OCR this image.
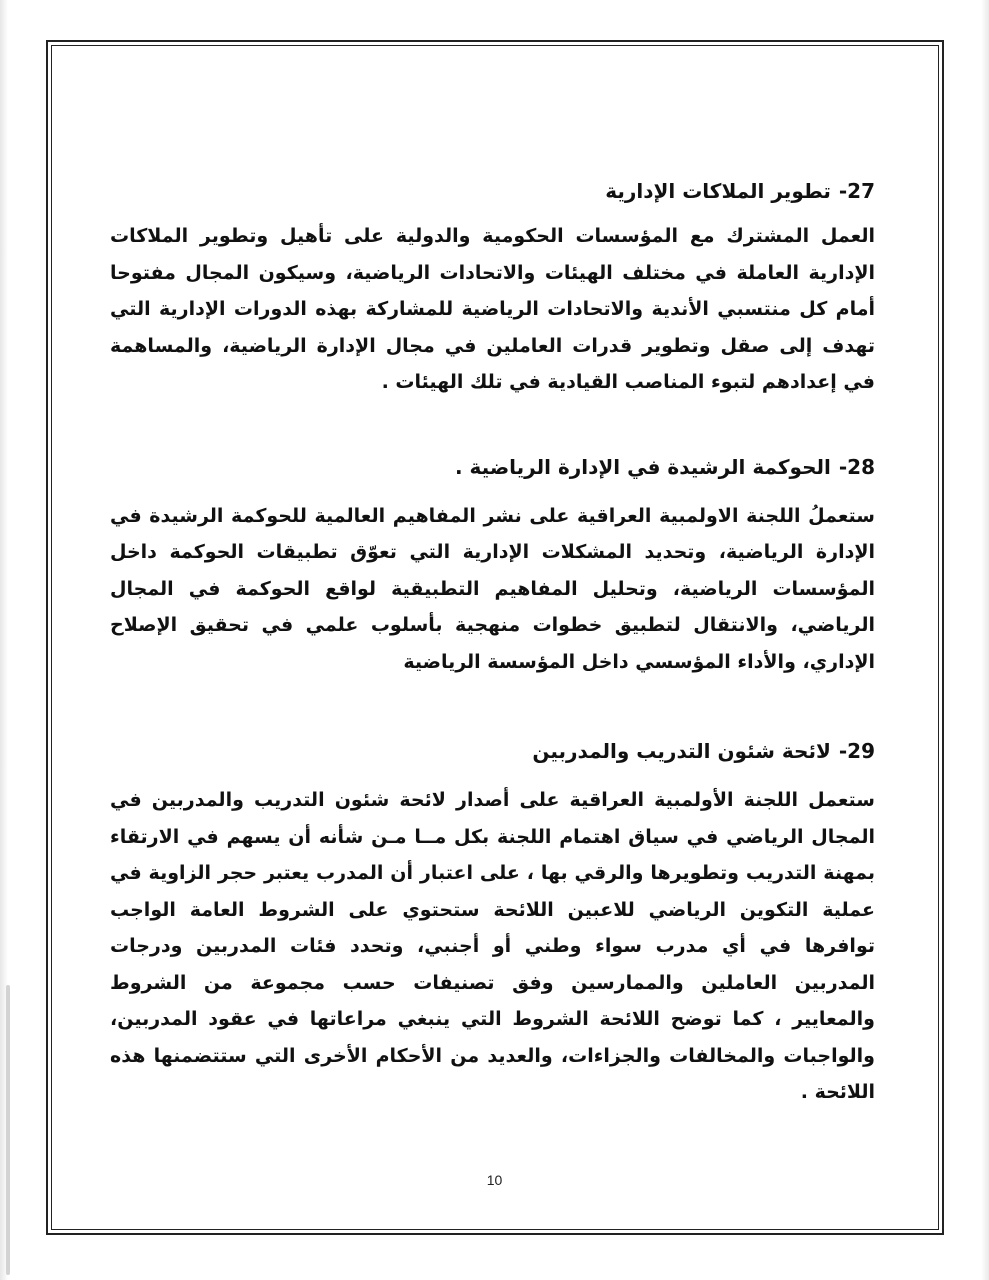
27-تطوير الملاكات الإدارية

العمل المشترك مع المؤسسات الحكومية والدولية على تأهيل وتطوير الملاكات الإدارية العاملة في مختلف الهيئات والاتحادات الرياضية، وسيكون المجال مفتوحا أمام كل منتسبي الأندية والاتحادات الرياضية للمشاركة بهذه الدورات الإدارية التي تهدف إلى صقل وتطوير قدرات العاملين في مجال الإدارة الرياضية، والمساهمة في إعدادهم لتبوء المناصب القيادية في تلك الهيئات .

28-الحوكمة الرشيدة في الإدارة الرياضية .

ستعملُ اللجنة الاولمبية العراقية على نشر المفاهيم العالمية للحوكمة الرشيدة في الإدارة الرياضية، وتحديد المشكلات الإدارية التي تعوّق تطبيقات الحوكمة داخل المؤسسات الرياضية، وتحليل المفاهيم التطبيقية لواقع الحوكمة في المجال الرياضي، والانتقال لتطبيق خطوات منهجية بأسلوب علمي في تحقيق الإصلاح الإداري، والأداء المؤسسي داخل المؤسسة الرياضية

29-لائحة شئون التدريب والمدربين

ستعمل اللجنة الأولمبية العراقية على أصدار لائحة شئون التدريب والمدربين في المجال الرياضي في سياق اهتمام اللجنة بكل مــا مـن شأنه أن يسهم في الارتقاء بمهنة التدريب وتطويرها والرقي بها ، على اعتبار أن المدرب يعتبر حجر الزاوية في عملية التكوين الرياضي للاعبين اللائحة ستحتوي على الشروط العامة الواجب توافرها في أي مدرب سواء وطني أو أجنبي، وتحدد فئات المدربين ودرجات المدربين العاملين والممارسين وفق تصنيفات حسب مجموعة من الشروط والمعايير ، كما توضح اللائحة الشروط التي ينبغي مراعاتها في عقود المدربين، والواجبات والمخالفات والجزاءات، والعديد من الأحكام الأخرى التي ستتضمنها هذه اللائحة .

10
